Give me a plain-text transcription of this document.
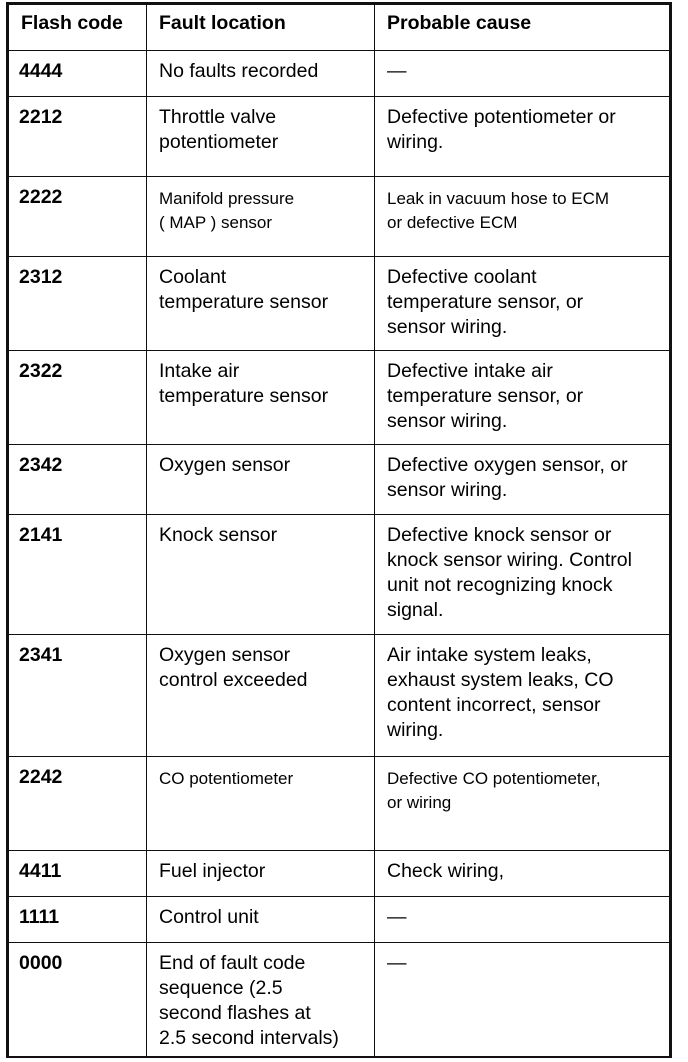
Flash code	Fault location	Probable cause
4444	No faults recorded	—
2212	Throttle valve
potentiometer	Defective potentiometer or
wiring.
2222	Manifold pressure
( MAP ) sensor	Leak in vacuum hose to ECM
or defective ECM
2312	Coolant
temperature sensor	Defective coolant
temperature sensor, or
sensor wiring.
2322	Intake air
temperature sensor	Defective intake air
temperature sensor, or
sensor wiring.
2342	Oxygen sensor	Defective oxygen sensor, or
sensor wiring.
2141	Knock sensor	Defective knock sensor or
knock sensor wiring. Control
unit not recognizing knock
signal.
2341	Oxygen sensor
control exceeded	Air intake system leaks,
exhaust system leaks, CO
content incorrect, sensor
wiring.
2242	CO potentiometer	Defective CO potentiometer,
or wiring
4411	Fuel injector	Check wiring,
1111	Control unit	—
0000	End of fault code
sequence (2.5
second flashes at
2.5 second intervals)	—
